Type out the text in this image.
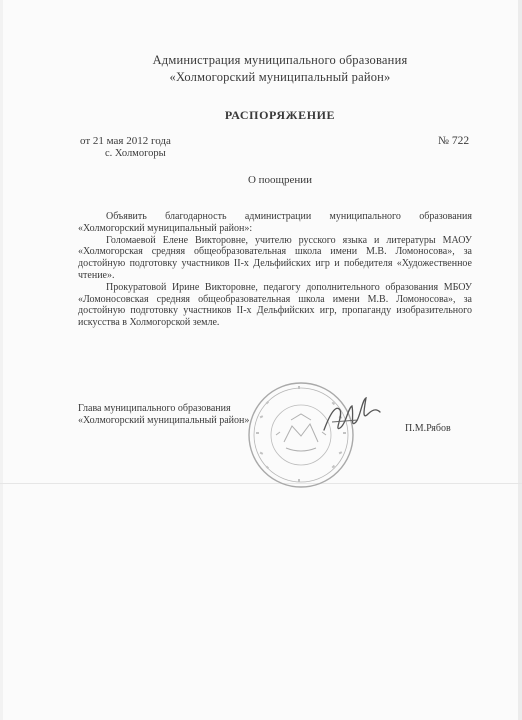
Администрация муниципального образования
«Холмогорский муниципальный район»
РАСПОРЯЖЕНИЕ
от 21 мая 2012 года
с. Холмогоры
№ 722
О поощрении

Объявить благодарность администрации муниципального образования «Холмогорский муниципальный район»:

Голомаевой Елене Викторовне, учителю русского языка и литературы МАОУ «Холмогорская средняя общеобразовательная школа имени М.В. Ломоносова», за достойную подготовку участников II-х Дельфийских игр и победителя «Художественное чтение».

Прокуратовой Ирине Викторовне, педагогу дополнительного образования МБОУ «Ломоносовская средняя общеобразовательная школа имени М.В. Ломоносова», за достойную подготовку участников II-х Дельфийских игр, пропаганду изобразительного искусства в Холмогорской земле.

Глава муниципального образования
«Холмогорский муниципальный район»
П.М.Рябов
